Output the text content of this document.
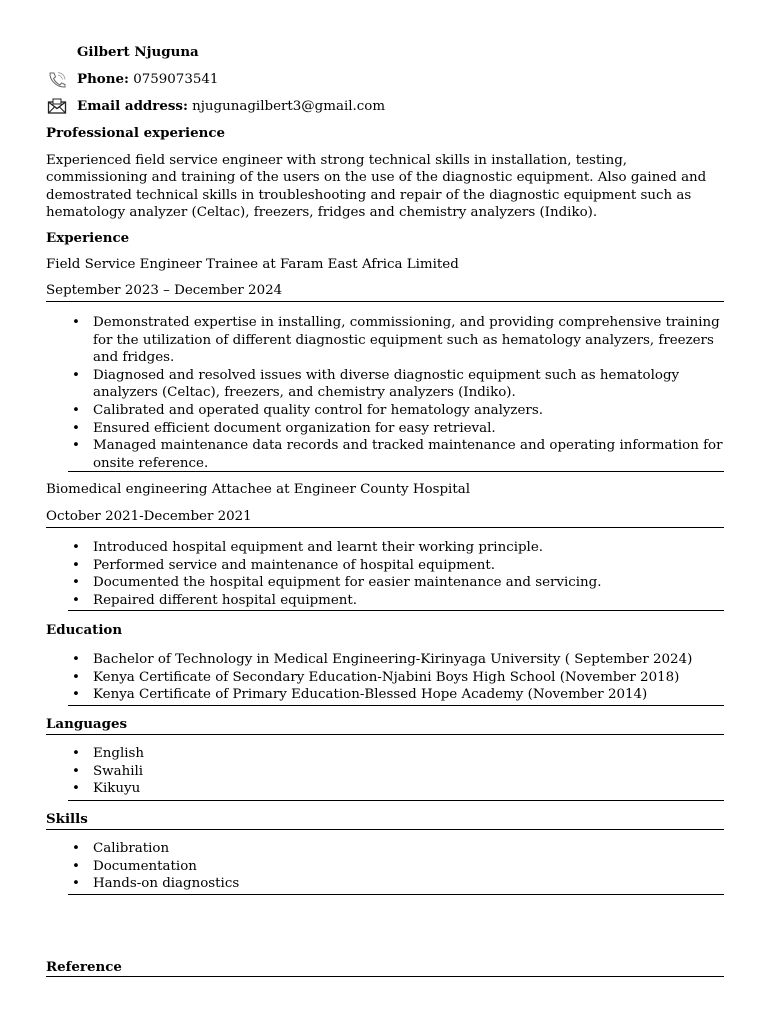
Gilbert Njuguna
Phone: 0759073541
Email address: njugunagilbert3@gmail.com
Professional experience
Experienced field service engineer with strong technical skills in installation, testing, commissioning and training of the users on the use of the diagnostic equipment. Also gained and demostrated technical skills in troubleshooting and repair of the diagnostic equipment such as hematology analyzer (Celtac), freezers, fridges and chemistry analyzers (Indiko).
Experience
Field Service Engineer Trainee at Faram East Africa Limited
September 2023 – December 2024
• Demonstrated expertise in installing, commissioning, and providing comprehensive training for the utilization of different diagnostic equipment such as hematology analyzers, freezers and fridges.
• Diagnosed and resolved issues with diverse diagnostic equipment such as hematology analyzers (Celtac), freezers, and chemistry analyzers (Indiko).
• Calibrated and operated quality control for hematology analyzers.
• Ensured efficient document organization for easy retrieval.
• Managed maintenance data records and tracked maintenance and operating information for onsite reference.
Biomedical engineering Attachee at Engineer County Hospital
October 2021-December 2021
• Introduced hospital equipment and learnt their working principle.
• Performed service and maintenance of hospital equipment.
• Documented the hospital equipment for easier maintenance and servicing.
• Repaired different hospital equipment.
Education
• Bachelor of Technology in Medical Engineering-Kirinyaga University ( September 2024)
• Kenya Certificate of Secondary Education-Njabini Boys High School (November 2018)
• Kenya Certificate of Primary Education-Blessed Hope Academy (November 2014)
Languages
• English
• Swahili
• Kikuyu
Skills
• Calibration
• Documentation
• Hands-on diagnostics
Reference
